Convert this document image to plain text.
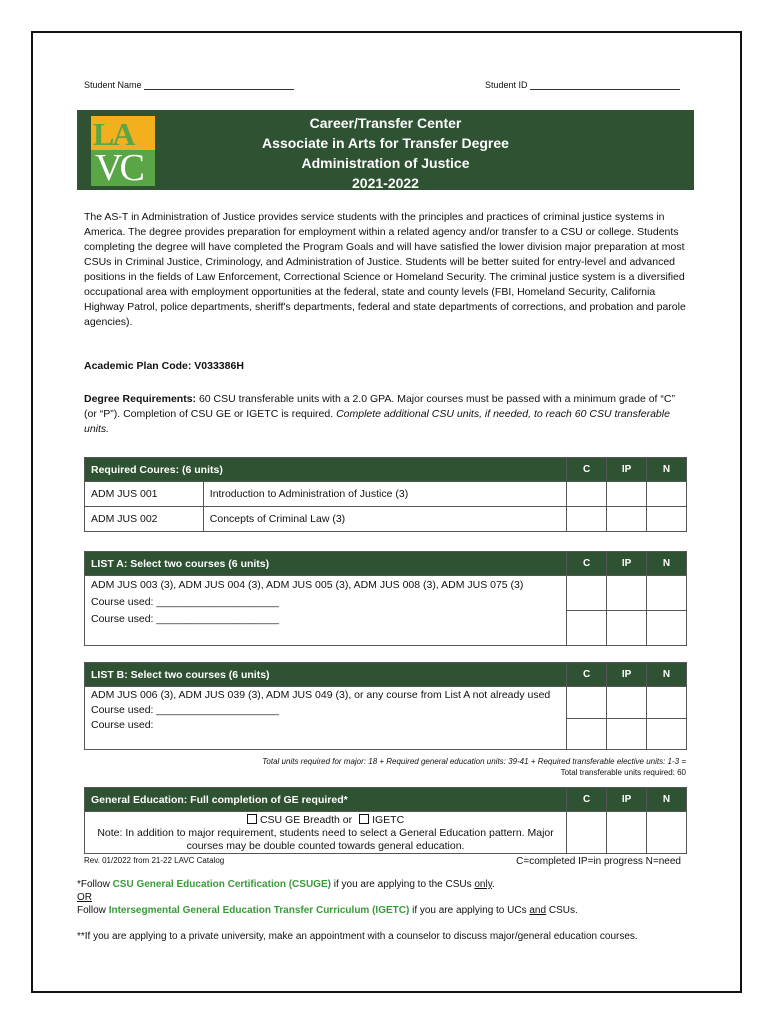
Student Name	Student ID
LA
VC
Career/Transfer Center
Associate in Arts for Transfer Degree
Administration of Justice
2021-2022

The AS-T in Administration of Justice provides service students with the principles and practices of criminal justice systems in America. The degree provides preparation for employment within a related agency and/or transfer to a CSU or college. Students completing the degree will have completed the Program Goals and will have satisfied the lower division major preparation at most CSUs in Criminal Justice, Criminology, and Administration of Justice. Students will be better suited for entry-level and advanced positions in the fields of Law Enforcement, Correctional Science or Homeland Security. The criminal justice system is a diversified occupational area with employment opportunities at the federal, state and county levels (FBI, Homeland Security, California Highway Patrol, police departments, sheriff's departments, federal and state departments of corrections, and probation and parole agencies).

Academic Plan Code: V033386H

Degree Requirements: 60 CSU transferable units with a 2.0 GPA. Major courses must be passed with a minimum grade of “C” (or “P”). Completion of CSU GE or IGETC is required. Complete additional CSU units, if needed, to reach 60 CSU transferable units.

Required Coures: (6 units)		C	IP	N
ADM JUS 001	Introduction to Administration of Justice (3)			
ADM JUS 002	Concepts of Criminal Law (3)			
LIST A: Select two courses (6 units)	C	IP	N

ADM JUS 003 (3), ADM JUS 004 (3), ADM JUS 005 (3), ADM JUS 008 (3), ADM JUS 075 (3)
Course used: _____________________
Course used: _____________________			

LIST B: Select two courses (6 units)	C	IP	N

ADM JUS 006 (3), ADM JUS 039 (3), ADM JUS 049 (3), or any course from List A not already used
Course used: _____________________
Course used:			

Total units required for major: 18 + Required general education units: 39-41 + Required transferable elective units: 1-3 =
Total transferable units required: 60
General Education: Full completion of GE required*	C	IP	N

CSU GE Breadth or IGETC
Note: In addition to major requirement, students need to select a General Education pattern. Major courses may be double counted towards general education.			

Rev. 01/2022 from 21-22 LAVC Catalog	C=completed IP=in progress N=need
*Follow CSU General Education Certification (CSUGE) if you are applying to the CSUs only.
OR
Follow Intersegmental General Education Transfer Curriculum (IGETC) if you are applying to UCs and CSUs.
**If you are applying to a private university, make an appointment with a counselor to discuss major/general education courses.
